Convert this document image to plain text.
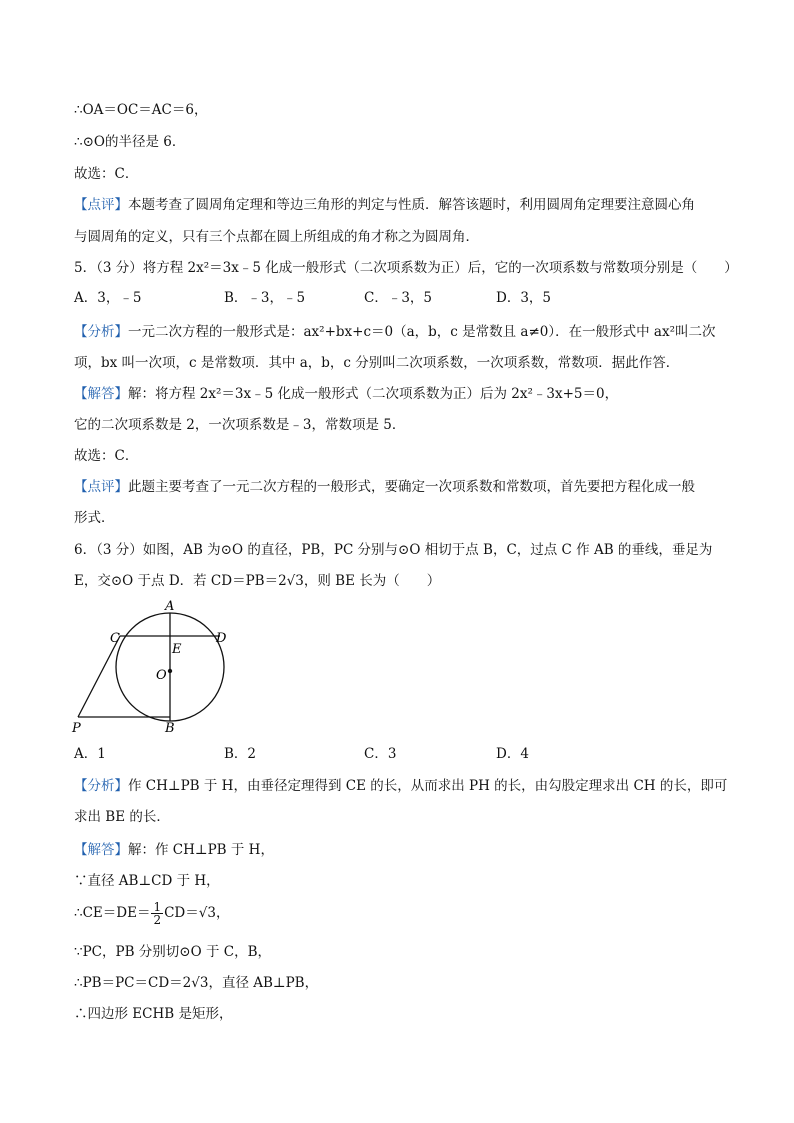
∴OA＝OC＝AC＝6，
∴⊙O的半径是 6．
故选：C．
【点评】本题考查了圆周角定理和等边三角形的判定与性质．解答该题时，利用圆周角定理要注意圆心角
与圆周角的定义，只有三个点都在圆上所组成的角才称之为圆周角．
5．（3 分）将方程 2x²＝3x﹣5 化成一般形式（二次项系数为正）后，它的一次项系数与常数项分别是（　　）
A．3，﹣5	B．﹣3，﹣5	C．﹣3，5	D．3，5
【分析】一元二次方程的一般形式是：ax²+bx+c＝0（a，b，c 是常数且 a≠0）．在一般形式中 ax²叫二次
项，bx 叫一次项，c 是常数项．其中 a，b，c 分别叫二次项系数，一次项系数，常数项．据此作答．
【解答】解：将方程 2x²＝3x﹣5 化成一般形式（二次项系数为正）后为 2x²﹣3x+5＝0，
它的二次项系数是 2，一次项系数是﹣3，常数项是 5．
故选：C．
【点评】此题主要考查了一元二次方程的一般形式，要确定一次项系数和常数项，首先要把方程化成一般
形式．
6．（3 分）如图，AB 为⊙O 的直径，PB，PC 分别与⊙O 相切于点 B，C，过点 C 作 AB 的垂线，垂足为
E，交⊙O 于点 D．若 CD＝PB＝2√3，则 BE 长为（　　）
A
C	D
E
O
P	B
A．1	B．2	C．3	D．4
【分析】作 CH⊥PB 于 H，由垂径定理得到 CE 的长，从而求出 PH 的长，由勾股定理求出 CH 的长，即可
求出 BE 的长．
【解答】解：作 CH⊥PB 于 H，
∵直径 AB⊥CD 于 H，
∴CE＝DE＝ $\frac{1}{2} CD=√3$，
∵PC，PB 分别切⊙O 于 C，B，
∴PB＝PC＝CD＝2√3，直径 AB⊥PB，
∴四边形 ECHB 是矩形，
